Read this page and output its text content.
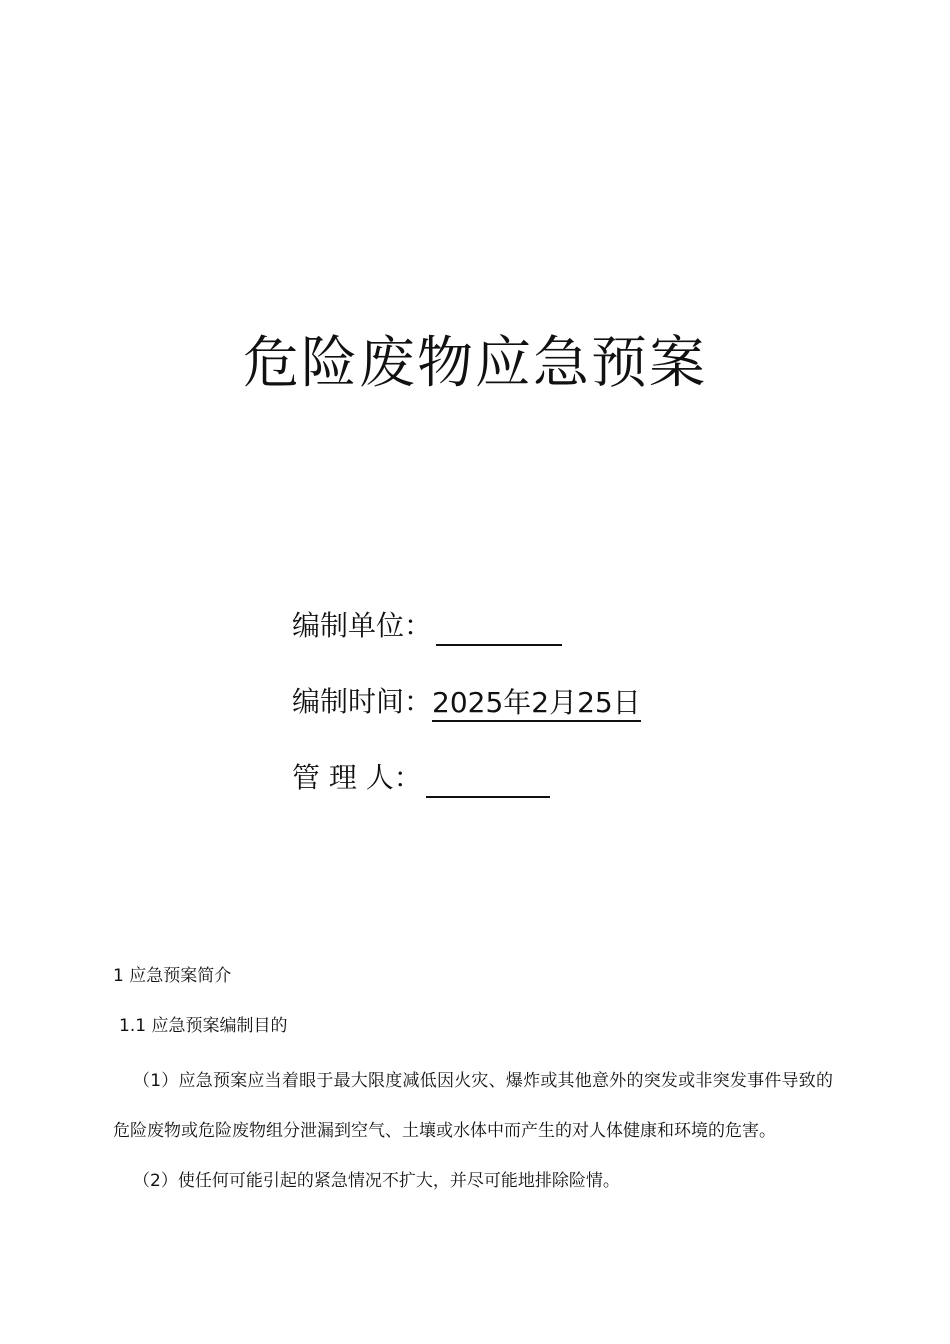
危险废物应急预案
编制单位：
编制时间：2025年2月25日
管 理 人：
1 应急预案简介
1.1 应急预案编制目的
（1）应急预案应当着眼于最大限度减低因火灾、爆炸或其他意外的突发或非突发事件导致的危险废物或危险废物组分泄漏到空气、土壤或水体中而产生的对人体健康和环境的危害。
（2）使任何可能引起的紧急情况不扩大，并尽可能地排除险情。
